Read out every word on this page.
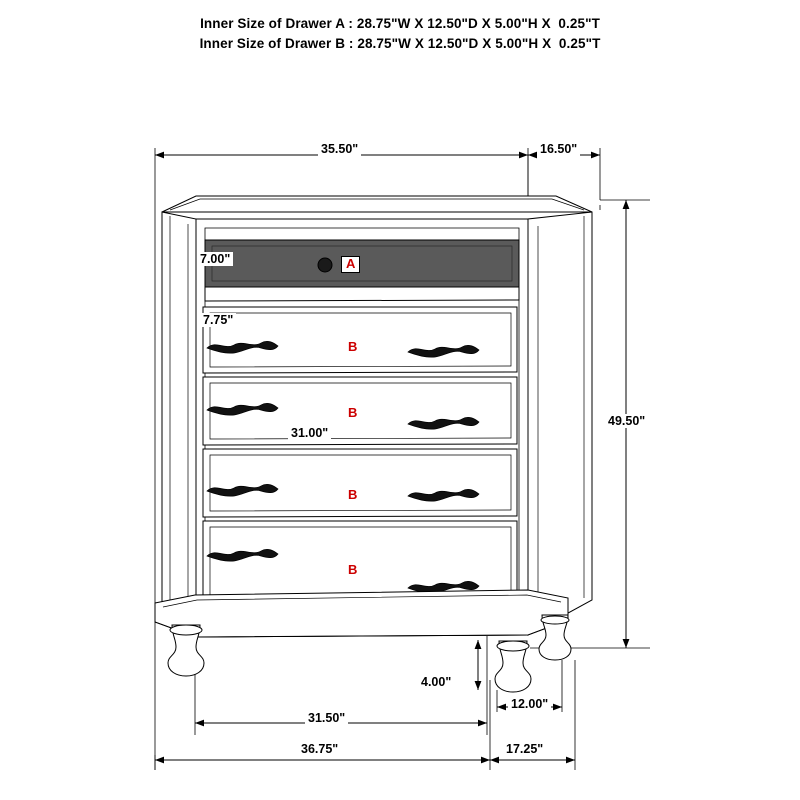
Inner Size of Drawer A : 28.75"W X 12.50"D X 5.00"H X  0.25"T
Inner Size of Drawer B : 28.75"W X 12.50"D X 5.00"H X  0.25"T
35.50"	16.50"
7.00"
7.75"
31.00"
49.50"
4.00"
12.00"
31.50"
36.75"	17.25"
A
B
B
B
B
